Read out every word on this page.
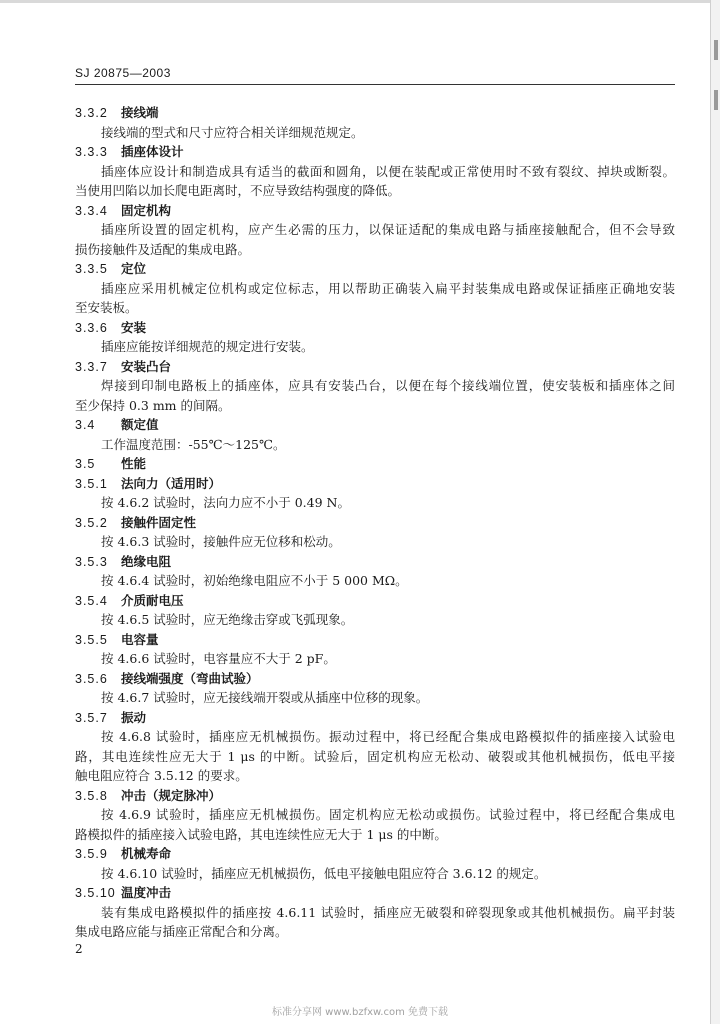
SJ 20875—2003
3.3.2 接线端
接线端的型式和尺寸应符合相关详细规范规定。
3.3.3 插座体设计
插座体应设计和制造成具有适当的截面和圆角，以便在装配或正常使用时不致有裂纹、掉块或断裂。
当使用凹陷以加长爬电距离时，不应导致结构强度的降低。
3.3.4 固定机构
插座所设置的固定机构，应产生必需的压力，以保证适配的集成电路与插座接触配合，但不会导致
损伤接触件及适配的集成电路。
3.3.5 定位
插座应采用机械定位机构或定位标志，用以帮助正确装入扁平封装集成电路或保证插座正确地安装
至安装板。
3.3.6 安装
插座应能按详细规范的规定进行安装。
3.3.7 安装凸台
焊接到印制电路板上的插座体，应具有安装凸台，以便在每个接线端位置，使安装板和插座体之间
至少保持 0.3 mm 的间隔。
3.4 额定值
工作温度范围：-55℃～125℃。
3.5 性能
3.5.1 法向力（适用时）
按 4.6.2 试验时，法向力应不小于 0.49 N。
3.5.2 接触件固定性
按 4.6.3 试验时，接触件应无位移和松动。
3.5.3 绝缘电阻
按 4.6.4 试验时，初始绝缘电阻应不小于 5 000 MΩ。
3.5.4 介质耐电压
按 4.6.5 试验时，应无绝缘击穿或飞弧现象。
3.5.5 电容量
按 4.6.6 试验时，电容量应不大于 2 pF。
3.5.6 接线端强度（弯曲试验）
按 4.6.7 试验时，应无接线端开裂或从插座中位移的现象。
3.5.7 振动
按 4.6.8 试验时，插座应无机械损伤。振动过程中，将已经配合集成电路模拟件的插座接入试验电
路，其电连续性应无大于 1 μs 的中断。试验后，固定机构应无松动、破裂或其他机械损伤，低电平接
触电阻应符合 3.5.12 的要求。
3.5.8 冲击（规定脉冲）
按 4.6.9 试验时，插座应无机械损伤。固定机构应无松动或损伤。试验过程中，将已经配合集成电
路模拟件的插座接入试验电路，其电连续性应无大于 1 μs 的中断。
3.5.9 机械寿命
按 4.6.10 试验时，插座应无机械损伤，低电平接触电阻应符合 3.6.12 的规定。
3.5.10 温度冲击
装有集成电路模拟件的插座按 4.6.11 试验时，插座应无破裂和碎裂现象或其他机械损伤。扁平封装
集成电路应能与插座正常配合和分离。
2
标准分享网 www.bzfxw.com 免费下载
